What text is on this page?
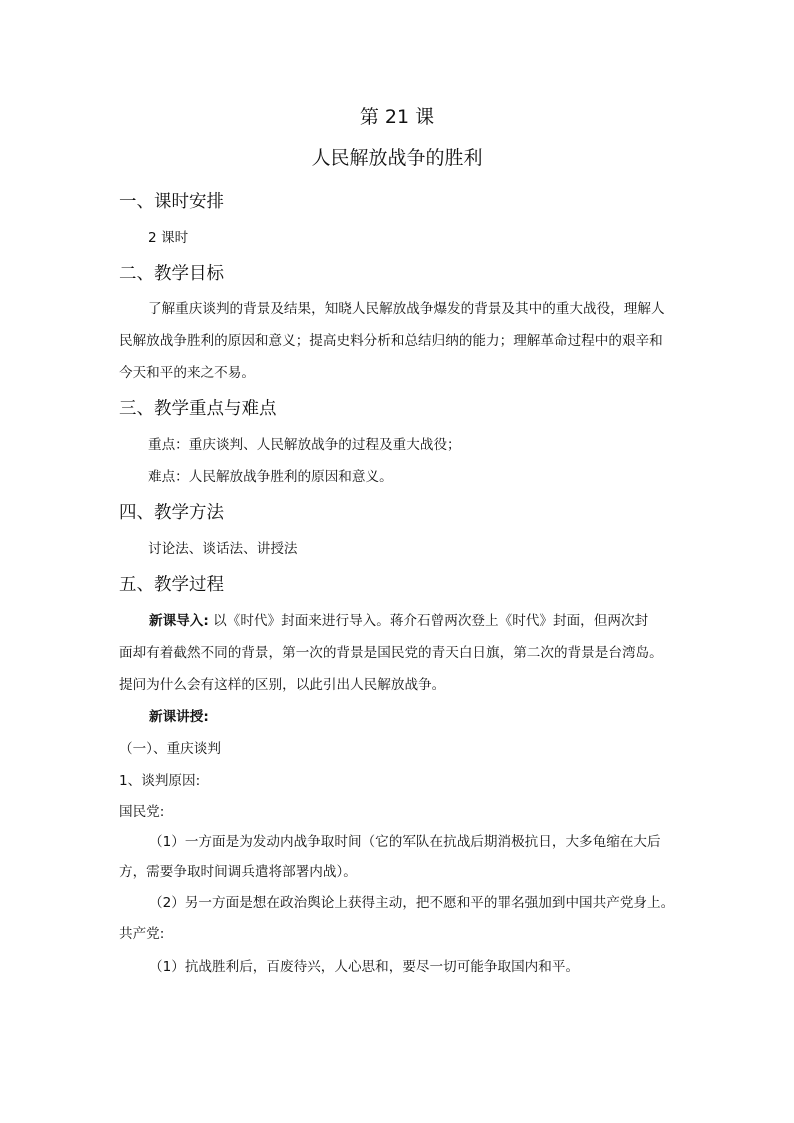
第 21 课
人民解放战争的胜利
一、课时安排
2 课时
二、教学目标
了解重庆谈判的背景及结果，知晓人民解放战争爆发的背景及其中的重大战役，理解人
民解放战争胜利的原因和意义；提高史料分析和总结归纳的能力；理解革命过程中的艰辛和
今天和平的来之不易。
三、教学重点与难点
重点：重庆谈判、人民解放战争的过程及重大战役；
难点：人民解放战争胜利的原因和意义。
四、教学方法
讨论法、谈话法、讲授法
五、教学过程
新课导入: 以《时代》封面来进行导入。蒋介石曾两次登上《时代》封面，但两次封
面却有着截然不同的背景，第一次的背景是国民党的青天白日旗，第二次的背景是台湾岛。
提问为什么会有这样的区别，以此引出人民解放战争。
新课讲授:
（一）、重庆谈判
1、谈判原因:
国民党:
（1）一方面是为发动内战争取时间（它的军队在抗战后期消极抗日，大多龟缩在大后
方，需要争取时间调兵遣将部署内战）。
（2）另一方面是想在政治舆论上获得主动，把不愿和平的罪名强加到中国共产党身上。
共产党:
（1）抗战胜利后，百废待兴，人心思和，要尽一切可能争取国内和平。
